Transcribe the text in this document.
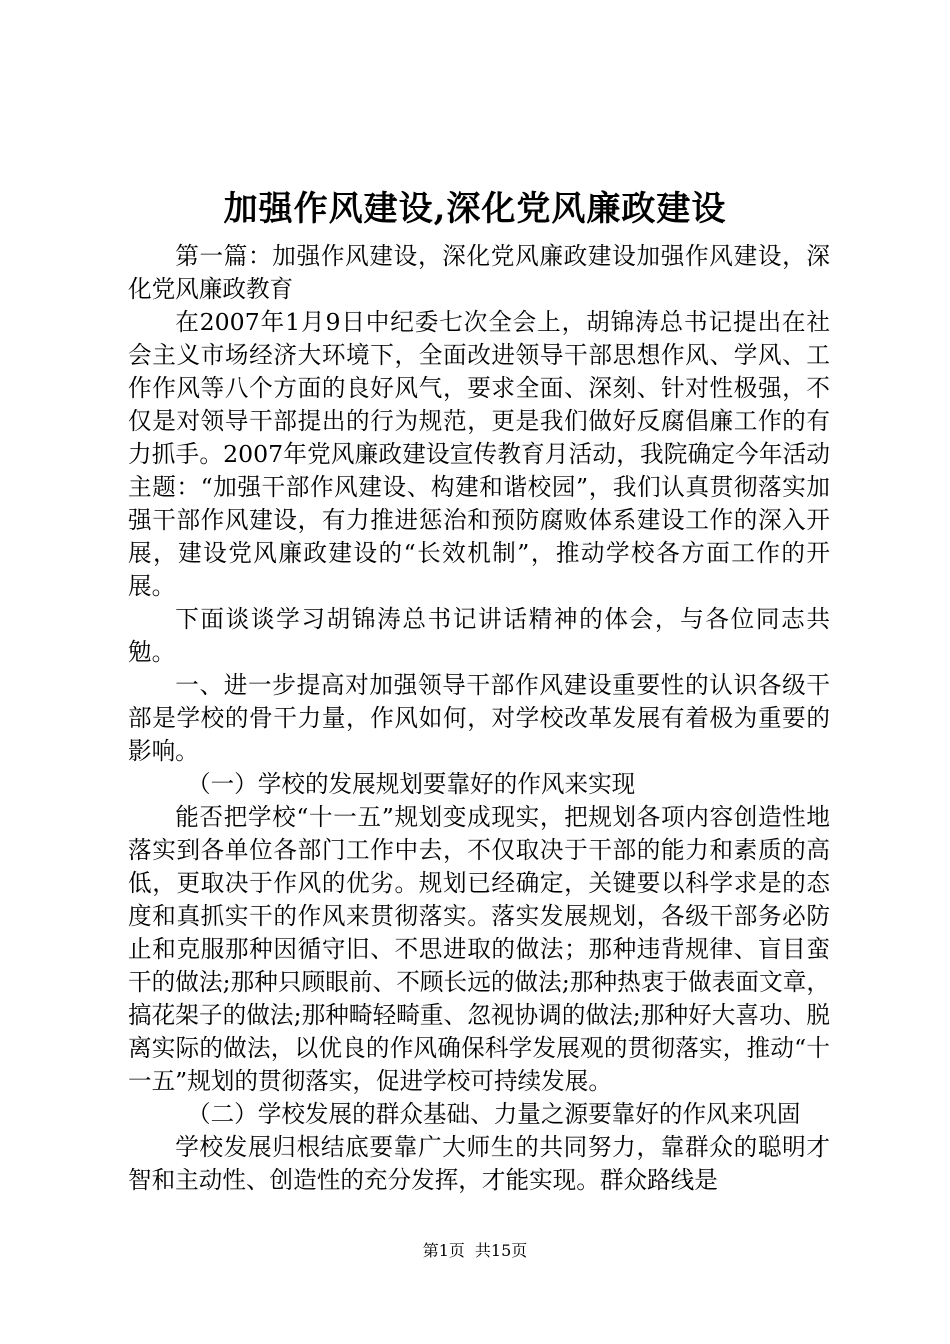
加强作风建设,深化党风廉政建设

第一篇：加强作风建设，深化党风廉政建设加强作风建设，深化党风廉政教育

在2007年1月9日中纪委七次全会上，胡锦涛总书记提出在社会主义市场经济大环境下，全面改进领导干部思想作风、学风、工作作风等八个方面的良好风气，要求全面、深刻、针对性极强，不仅是对领导干部提出的行为规范，更是我们做好反腐倡廉工作的有力抓手。2007年党风廉政建设宣传教育月活动，我院确定今年活动主题：“加强干部作风建设、构建和谐校园”，我们认真贯彻落实加强干部作风建设，有力推进惩治和预防腐败体系建设工作的深入开展，建设党风廉政建设的“长效机制”，推动学校各方面工作的开展。

下面谈谈学习胡锦涛总书记讲话精神的体会，与各位同志共勉。

一、进一步提高对加强领导干部作风建设重要性的认识各级干部是学校的骨干力量，作风如何，对学校改革发展有着极为重要的影响。

（一）学校的发展规划要靠好的作风来实现

能否把学校“十一五”规划变成现实，把规划各项内容创造性地落实到各单位各部门工作中去，不仅取决于干部的能力和素质的高低，更取决于作风的优劣。规划已经确定，关键要以科学求是的态度和真抓实干的作风来贯彻落实。落实发展规划，各级干部务必防止和克服那种因循守旧、不思进取的做法；那种违背规律、盲目蛮干的做法;那种只顾眼前、不顾长远的做法;那种热衷于做表面文章，搞花架子的做法;那种畸轻畸重、忽视协调的做法;那种好大喜功、脱离实际的做法，以优良的作风确保科学发展观的贯彻落实，推动“十一五”规划的贯彻落实，促进学校可持续发展。

（二）学校发展的群众基础、力量之源要靠好的作风来巩固

学校发展归根结底要靠广大师生的共同努力，靠群众的聪明才智和主动性、创造性的充分发挥，才能实现。群众路线是

第1页 共15页
